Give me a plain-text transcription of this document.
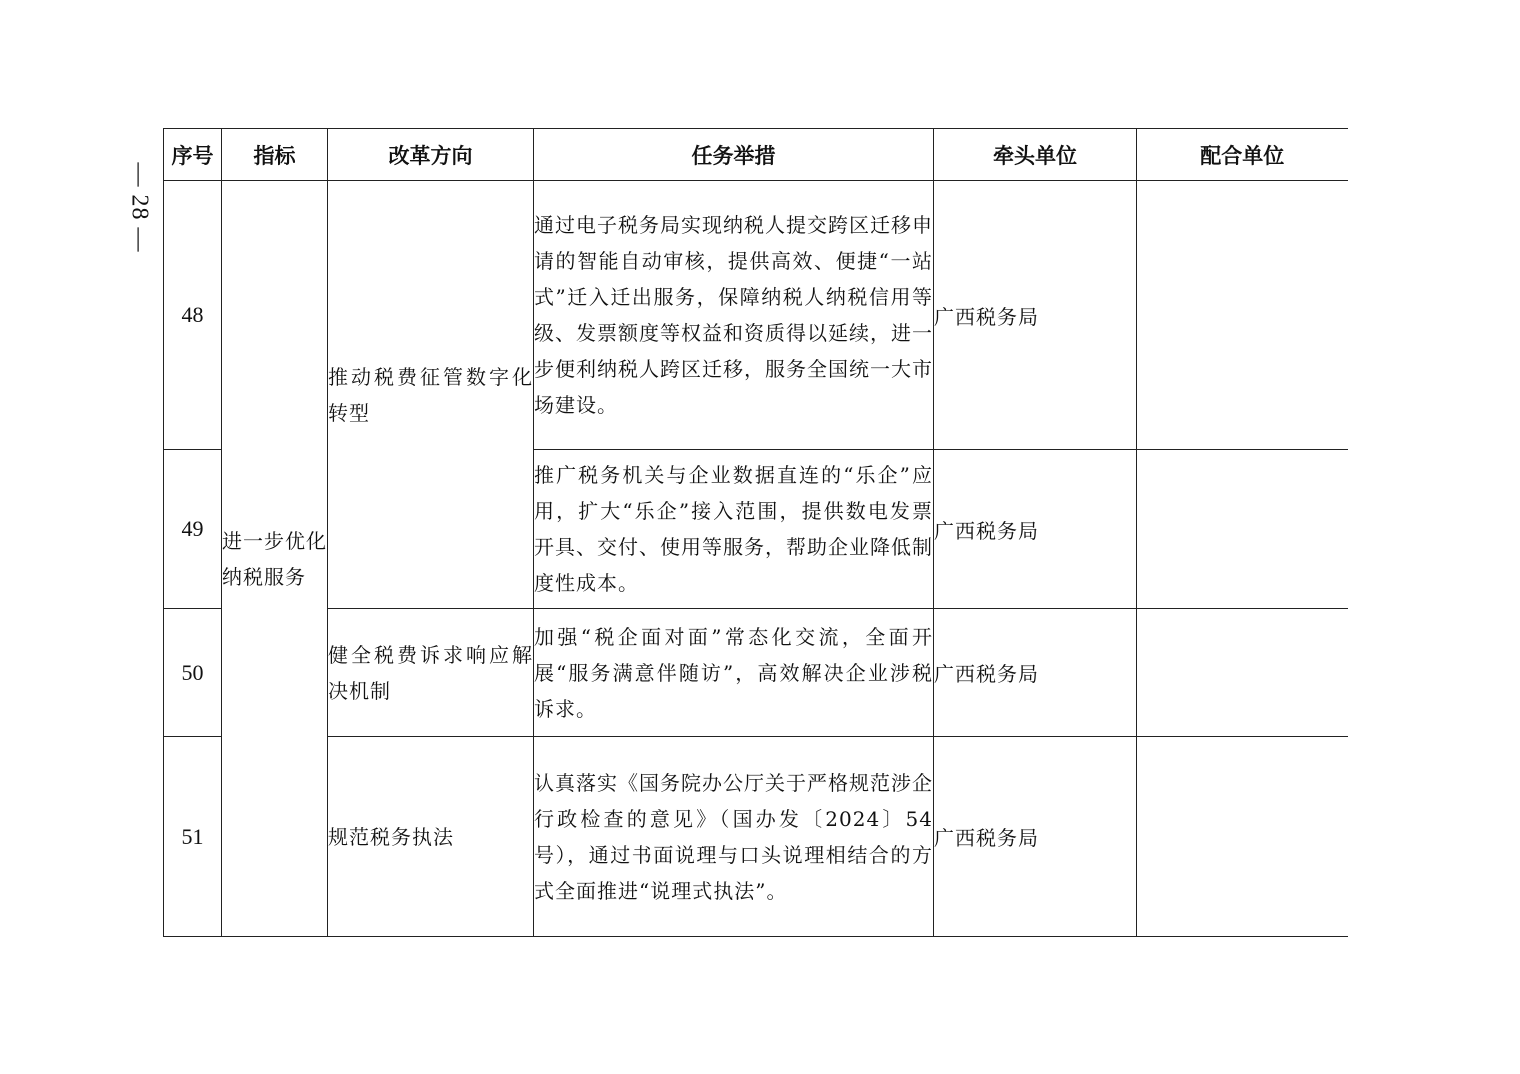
— 28 —
序号	指标	改革方向	任务举措	牵头单位	配合单位
48	进一步优化纳税服务	推动税费征管数字化转型	通过电子税务局实现纳税人提交跨区迁移申请的智能自动审核，提供高效、便捷“一站式”迁入迁出服务，保障纳税人纳税信用等级、发票额度等权益和资质得以延续，进一步便利纳税人跨区迁移，服务全国统一大市场建设。	广西税务局	
49			推广税务机关与企业数据直连的“乐企”应用，扩大“乐企”接入范围，提供数电发票开具、交付、使用等服务，帮助企业降低制度性成本。	广西税务局	
50		健全税费诉求响应解决机制	加强“税企面对面”常态化交流，全面开展“服务满意伴随访”，高效解决企业涉税诉求。	广西税务局	
51		规范税务执法	认真落实《国务院办公厅关于严格规范涉企行政检查的意见》（国办发〔2024〕54号），通过书面说理与口头说理相结合的方式全面推进“说理式执法”。	广西税务局	
